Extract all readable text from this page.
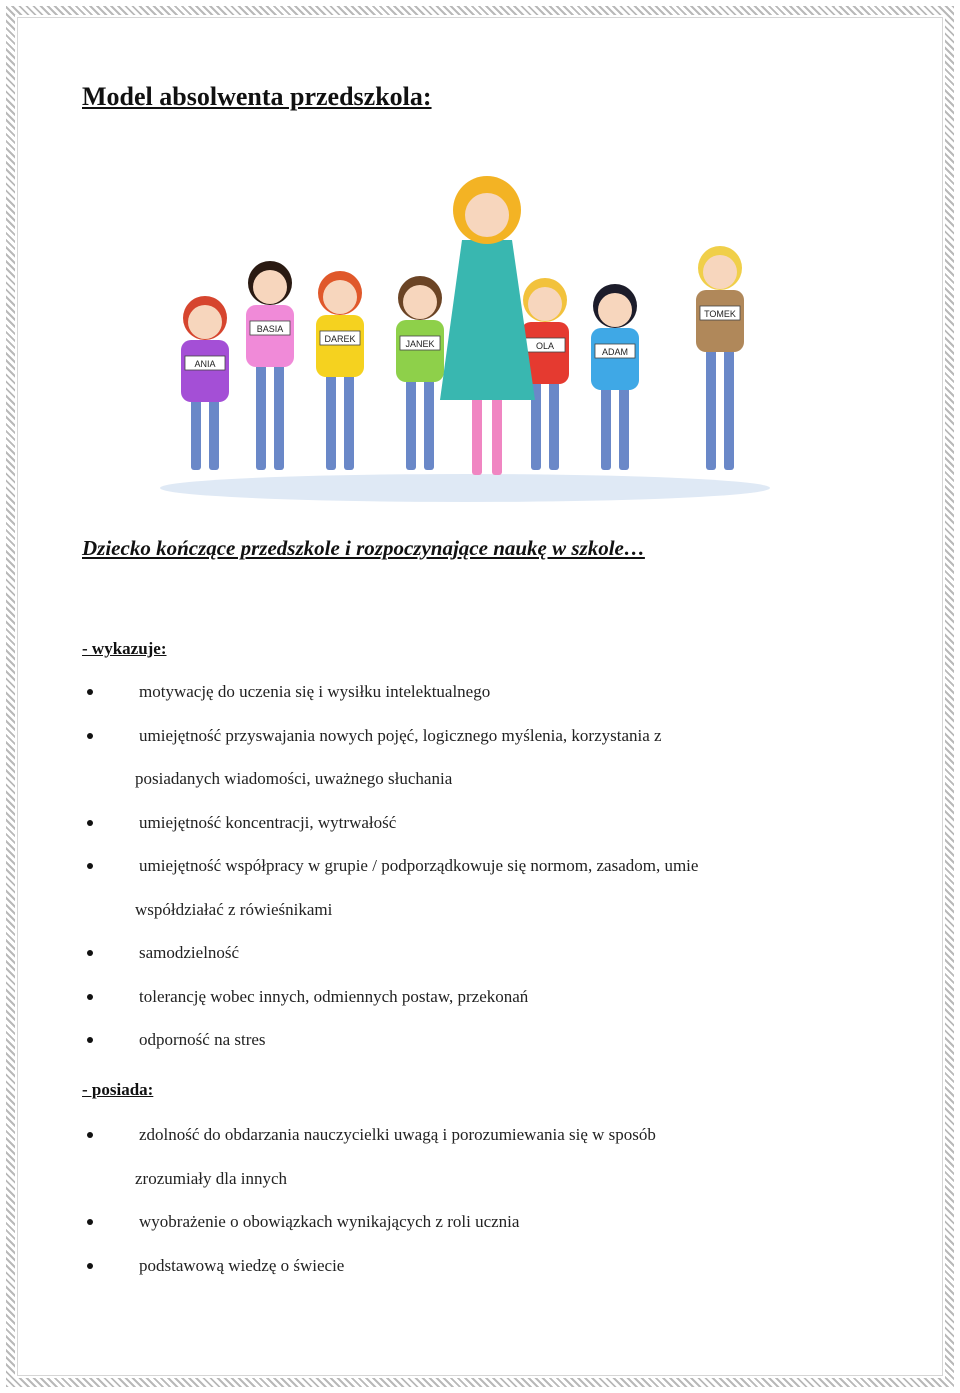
Model absolwenta przedszkola:
ANIA
BASIA
DAREK	JANEK	OLA
ADAM
TOMEK
Dziecko kończące przedszkole i rozpoczynające naukę w szkole…
- wykazuje:
motywację do uczenia się i wysiłku intelektualnego
umiejętność przyswajania nowych pojęć, logicznego myślenia, korzystania z
posiadanych wiadomości, uważnego słuchania
umiejętność koncentracji, wytrwałość
umiejętność współpracy w grupie / podporządkowuje się normom, zasadom, umie
współdziałać z rówieśnikami
samodzielność
tolerancję wobec innych, odmiennych postaw, przekonań
odporność na stres
- posiada:
zdolność do obdarzania nauczycielki uwagą i porozumiewania się w sposób
zrozumiały dla innych
wyobrażenie o obowiązkach wynikających z roli ucznia
podstawową wiedzę o świecie
